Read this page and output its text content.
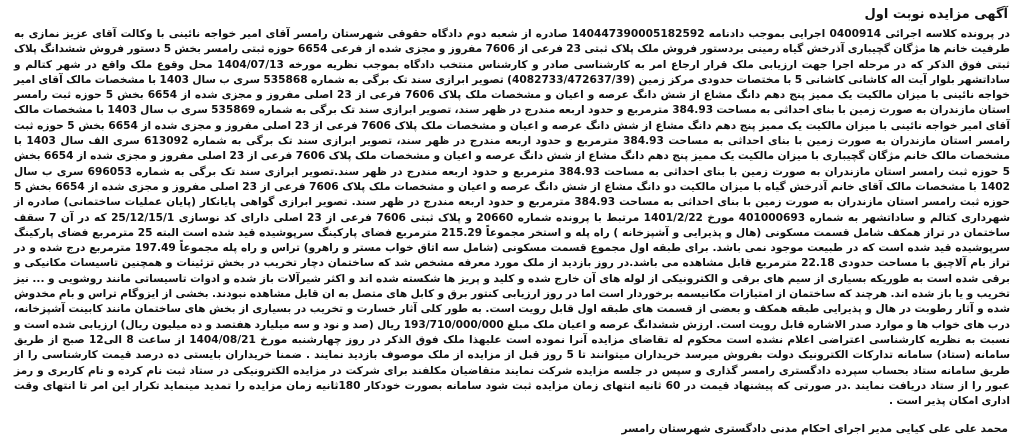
آگهی مزایده نوبت اول

در پرونده کلاسه اجرائی 0400914 اجرایی بموجب دادنامه 140447390005182592 صادره از شعبه دوم دادگاه حقوقی شهرستان رامسر آقای امیر خواجه نائینی با وکالت آقای عزیز نمازی به طرفیت خانم ها مژگان گچیباری آذرخش گیاه رمینی بردستور فروش ملک پلاک ثبتی 23 فرعی از 7606 مفروز و مجزی شده از فرعی 6654 حوزه ثبتی رامسر بخش 5 دستور فروش ششدانگ پلاک ثبتی فوق الذکر که در مرحله اجرا جهت ارزیابی ملک قرار ارجاع امر به کارشناسی صادر و کارشناس منتخب دادگاه بموجب نظریه مورخه 1404/07/13 محل وقوع ملک واقع در شهر کتالم و ساداتشهر بلوار آیت اله کاشانی کاشانی 5 با مختصات حدودی مرکز زمین (4082733/472637/39) تصویر ابرازی سند تک برگی به شماره 535868 سری ب سال 1403 با مشخصات مالک آقای امیر خواجه نائینی با میزان مالکیت یک ممیز پنج دهم دانگ مشاع از شش دانگ عرصه و اعیان و مشخصات ملک پلاک 7606 فرعی از 23 اصلی مفروز و مجزی شده از 6654 بخش 5 حوزه ثبت رامسر استان مازندران به صورت زمین با بنای احداثی به مساحت 384.93 مترمربع و حدود اربعه مندرج در ظهر سند، تصویر ابرازی سند تک برگی به شماره 535869 سری ب سال 1403 با مشخصات مالک آقای امیر خواجه نائینی با میزان مالکیت یک ممیز پنج دهم دانگ مشاع از شش دانگ عرصه و اعیان و مشخصات ملک پلاک 7606 فرعی از 23 اصلی مفروز و مجزی شده از 6654 بخش 5 حوزه ثبت رامسر استان مازندران به صورت زمین با بنای احداثی به مساحت 384.93 مترمربع و حدود اربعه مندرج در ظهر سند، تصویر ابرازی سند تک برگی به شماره 613092 سری الف سال 1403 با مشخصات مالک خانم مژگان گچیباری با میزان مالکیت یک ممیز پنج دهم دانگ مشاع از شش دانگ عرصه و اعیان و مشخصات ملک پلاک 7606 فرعی از 23 اصلی مفروز و مجزی شده از 6654 بخش 5 حوزه ثبت رامسر استان مازندران به صورت زمین با بنای احداثی به مساحت 384.93 مترمربع و حدود اربعه مندرج در ظهر سند.تصویر ابرازی سند تک برگی به شماره 696053 سری ب سال 1402 با مشخصات مالک آقای خانم آذرخش گیاه با میزان مالکیت دو دانگ مشاع از شش دانگ عرصه و اعیان و مشخصات ملک پلاک 7606 فرعی از 23 اصلی مفروز و مجزی شده از 6654 بخش 5 حوزه ثبت رامسر استان مازندران به صورت زمین با بنای احداثی به مساحت 384.93 مترمربع و حدود اربعه مندرج در ظهر سند. تصویر ابرازی گواهی پایانکار (پایان عملیات ساختمانی) صادره از شهرداری کتالم و ساداتشهر به شماره 401000693 مورخ 1401/2/22 مرتبط با پرونده شماره 20660 و پلاک ثبتی 7606 فرعی از 23 اصلی دارای کد نوسازی 25/12/15/1 که در آن 7 سقف ساختمان در تراز همکف شامل قسمت مسکونی (هال و پذیرایی و آشپزخانه ) راه پله و استخر مجموعاً 215.29 مترمربع فضای پارکینگ سرپوشیده قید شده است البته 25 مترمربع فضای پارکینگ سرپوشیده قید شده است که در طبیعت موجود نمی باشد. برای طبقه اول مجموع قسمت مسکونی (شامل سه اتاق خواب مستر و راهرو) تراس و راه پله مجموعاً 197.49 مترمربع درج شده و در تراز بام آلاچیق با مساحت حدودی 22.18 مترمربع قابل مشاهده می باشد.در روز بازدید از ملک مورد معرفه مشخص شد که ساختمان دچار تخریب در بخش تزئینات و همچنین تاسیسات مکانیکی و برقی شده است به طوریکه بسیاری از سیم های برقی و الکترونیکی از لوله های آن خارج شده و کلید و پریز ها شکسته شده اند و اکثر شیرآلات باز شده و ادوات تاسیساتی مانند روشویی و ... نیز تخریب و یا باز شده اند. هرچند که ساختمان از امتیازات مکانیسمه برخوردار است اما در روز ارزیابی کنتور برق و کابل های متصل به ان قابل مشاهده نبودند. بخشی از ایزوگام تراس و بام مخدوش شده و آثار رطوبت در هال و پذیرایی طبقه همکف و بعضی از قسمت های طبقه اول قابل رویت است. به طور کلی آثار خسارت و تخریب در بسیاری از بخش های ساختمان مانند کابینت آشپزخانه، درب های خواب ها و موارد صدر الاشاره قابل رویت است. ارزش ششدانگ عرصه و اعیان ملک مبلغ 193/710/000/000 ریال (صد و نود و سه میلیارد هفتصد و ده میلیون ریال) ارزیابی شده است و نسبت به نظریه کارشناسی اعتراضی اعلام نشده است محکوم له تقاضای مزایده آنرا نموده است علیهذا ملک فوق الذکر در روز چهارشنبه مورخ 1404/08/21 از ساعت 8 الی12 صبح از طریق سامانه (ستاد) سامانه تدارکات الکترونیک دولت بفروش میرسد خریداران میتوانند تا 5 روز قبل از مزایده از ملک موصوف بازدید نمایند . ضمنا خریداران بایستی ده درصد قیمت کارشناسی را از طریق سامانه ستاد بحساب سپرده دادگستری رامسر گذاری و سپس در جلسه مزایده شرکت نمایند متقاضیان مکلفند برای شرکت در مزایده الکترونیکی در ستاد ثبت نام کرده و نام کاربری و رمز عبور را از ستاد دریافت نمایند .در صورتی که پیشنهاد قیمت در 60 ثانیه انتهای زمان مزایده ثبت شود سامانه بصورت خودکار 180ثانیه زمان مزایده را تمدید مینماید تکرار این امر تا انتهای وقت اداری امکان پذیر است .

محمد علی علی کیایی مدیر اجرای احکام مدنی دادگستری شهرستان رامسر
